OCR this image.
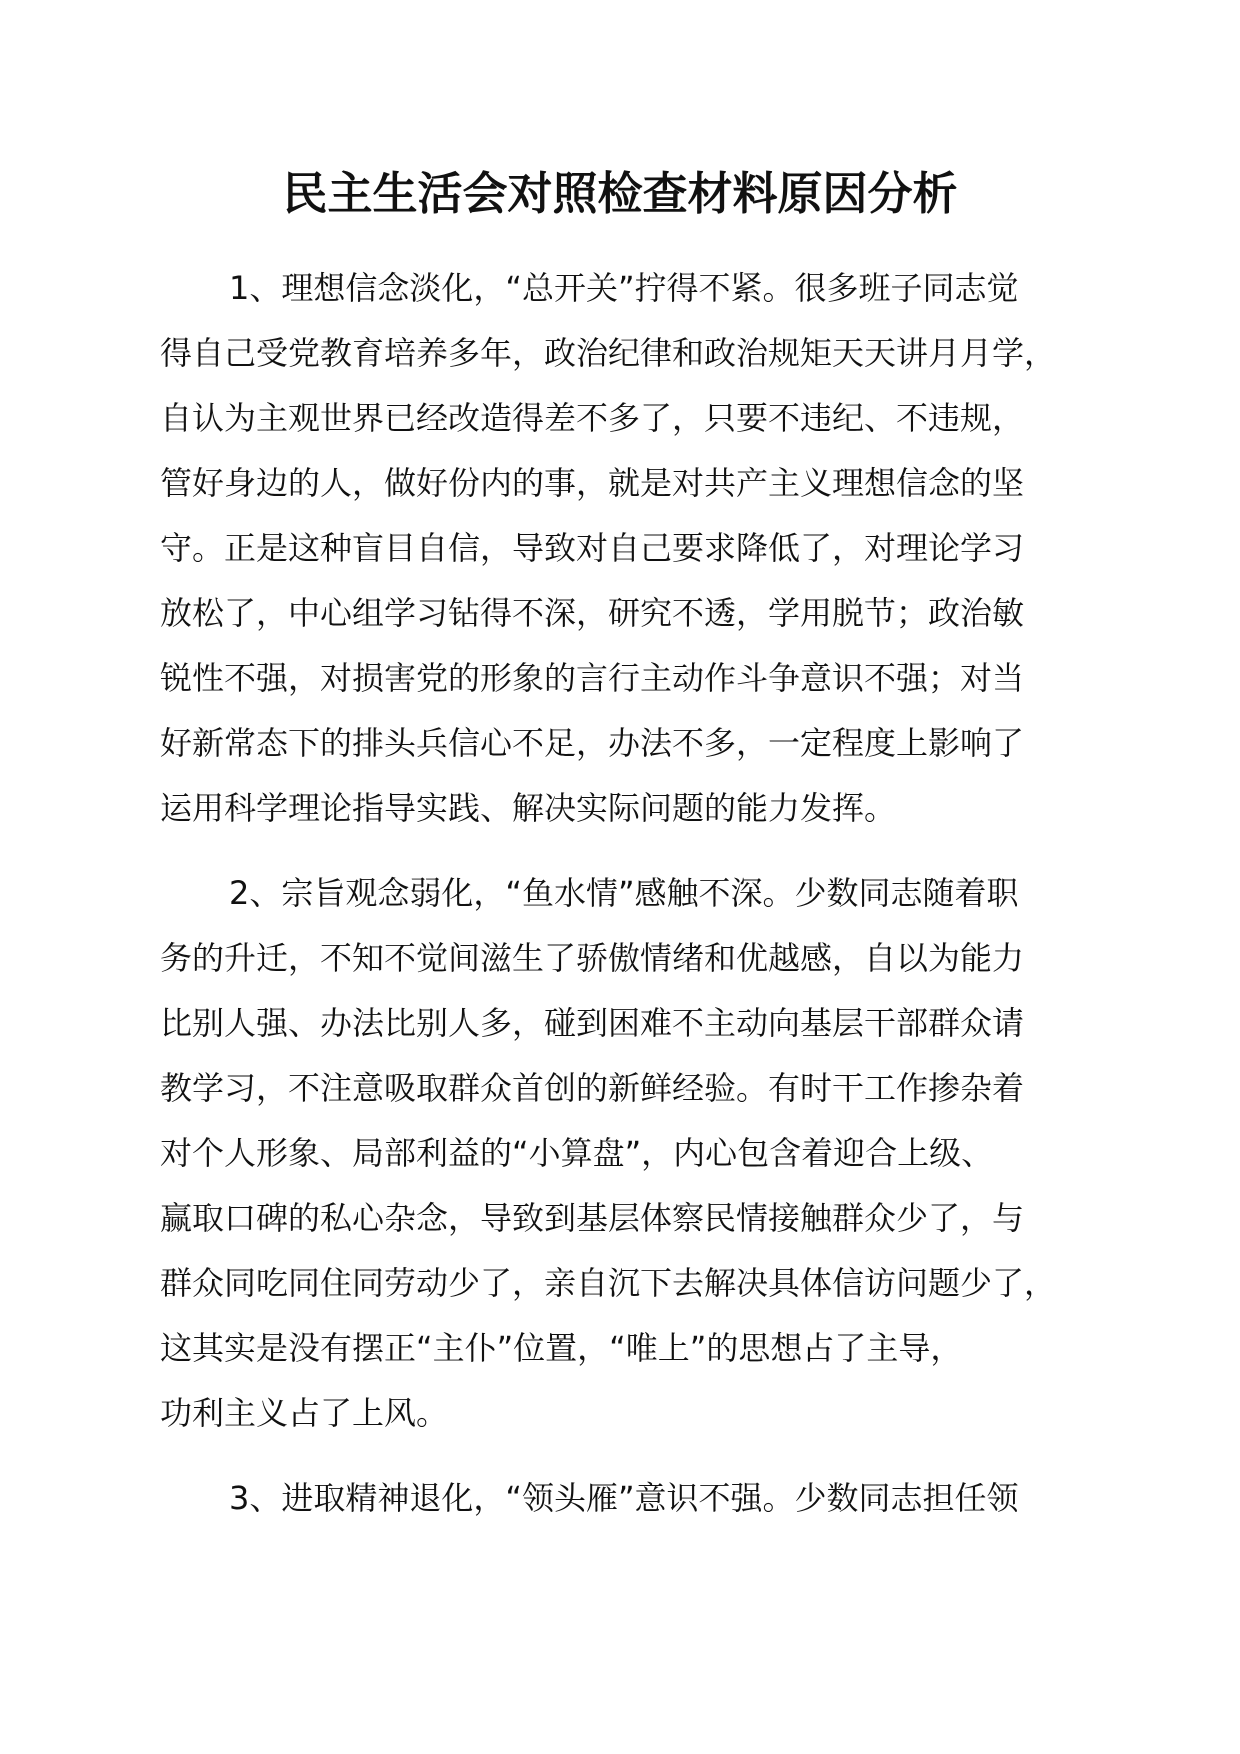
民主生活会对照检查材料原因分析
1、理想信念淡化，“总开关”拧得不紧。很多班子同志觉
得自己受党教育培养多年，政治纪律和政治规矩天天讲月月学，
自认为主观世界已经改造得差不多了，只要不违纪、不违规，
管好身边的人，做好份内的事，就是对共产主义理想信念的坚
守。正是这种盲目自信，导致对自己要求降低了，对理论学习
放松了，中心组学习钻得不深，研究不透，学用脱节；政治敏
锐性不强，对损害党的形象的言行主动作斗争意识不强；对当
好新常态下的排头兵信心不足，办法不多，一定程度上影响了
运用科学理论指导实践、解决实际问题的能力发挥。
2、宗旨观念弱化，“鱼水情”感触不深。少数同志随着职
务的升迁，不知不觉间滋生了骄傲情绪和优越感，自以为能力
比别人强、办法比别人多，碰到困难不主动向基层干部群众请
教学习，不注意吸取群众首创的新鲜经验。有时干工作掺杂着
对个人形象、局部利益的“小算盘”，内心包含着迎合上级、
赢取口碑的私心杂念，导致到基层体察民情接触群众少了，与
群众同吃同住同劳动少了，亲自沉下去解决具体信访问题少了，
这其实是没有摆正“主仆”位置，“唯上”的思想占了主导，
功利主义占了上风。
3、进取精神退化，“领头雁”意识不强。少数同志担任领
